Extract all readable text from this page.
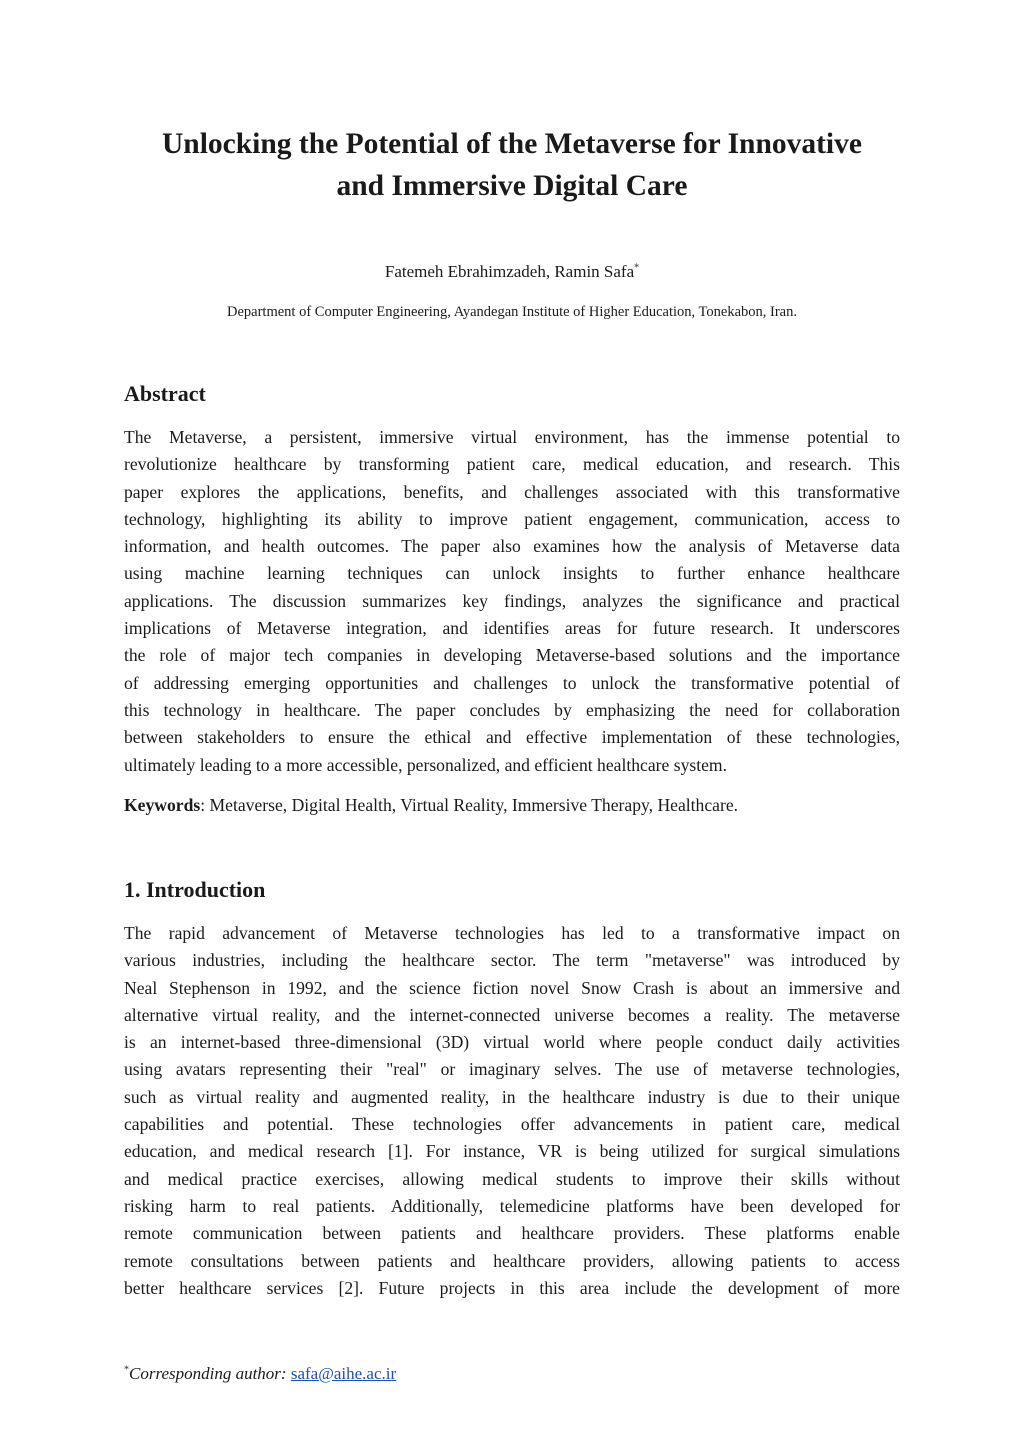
Unlocking the Potential of the Metaverse for Innovative
and Immersive Digital Care
Fatemeh Ebrahimzadeh, Ramin Safa*
Department of Computer Engineering, Ayandegan Institute of Higher Education, Tonekabon, Iran.
Abstract

The Metaverse, a persistent, immersive virtual environment, has the immense potential to
revolutionize healthcare by transforming patient care, medical education, and research. This
paper explores the applications, benefits, and challenges associated with this transformative
technology, highlighting its ability to improve patient engagement, communication, access to
information, and health outcomes. The paper also examines how the analysis of Metaverse data
using machine learning techniques can unlock insights to further enhance healthcare
applications. The discussion summarizes key findings, analyzes the significance and practical
implications of Metaverse integration, and identifies areas for future research. It underscores
the role of major tech companies in developing Metaverse-based solutions and the importance
of addressing emerging opportunities and challenges to unlock the transformative potential of
this technology in healthcare. The paper concludes by emphasizing the need for collaboration
between stakeholders to ensure the ethical and effective implementation of these technologies,
ultimately leading to a more accessible, personalized, and efficient healthcare system.

Keywords: Metaverse, Digital Health, Virtual Reality, Immersive Therapy, Healthcare.

1. Introduction

The rapid advancement of Metaverse technologies has led to a transformative impact on
various industries, including the healthcare sector. The term "metaverse" was introduced by
Neal Stephenson in 1992, and the science fiction novel Snow Crash is about an immersive and
alternative virtual reality, and the internet-connected universe becomes a reality. The metaverse
is an internet-based three-dimensional (3D) virtual world where people conduct daily activities
using avatars representing their "real" or imaginary selves. The use of metaverse technologies,
such as virtual reality and augmented reality, in the healthcare industry is due to their unique
capabilities and potential. These technologies offer advancements in patient care, medical
education, and medical research [1]. For instance, VR is being utilized for surgical simulations
and medical practice exercises, allowing medical students to improve their skills without
risking harm to real patients. Additionally, telemedicine platforms have been developed for
remote communication between patients and healthcare providers. These platforms enable
remote consultations between patients and healthcare providers, allowing patients to access
better healthcare services [2]. Future projects in this area include the development of more

*Corresponding author: safa@aihe.ac.ir
